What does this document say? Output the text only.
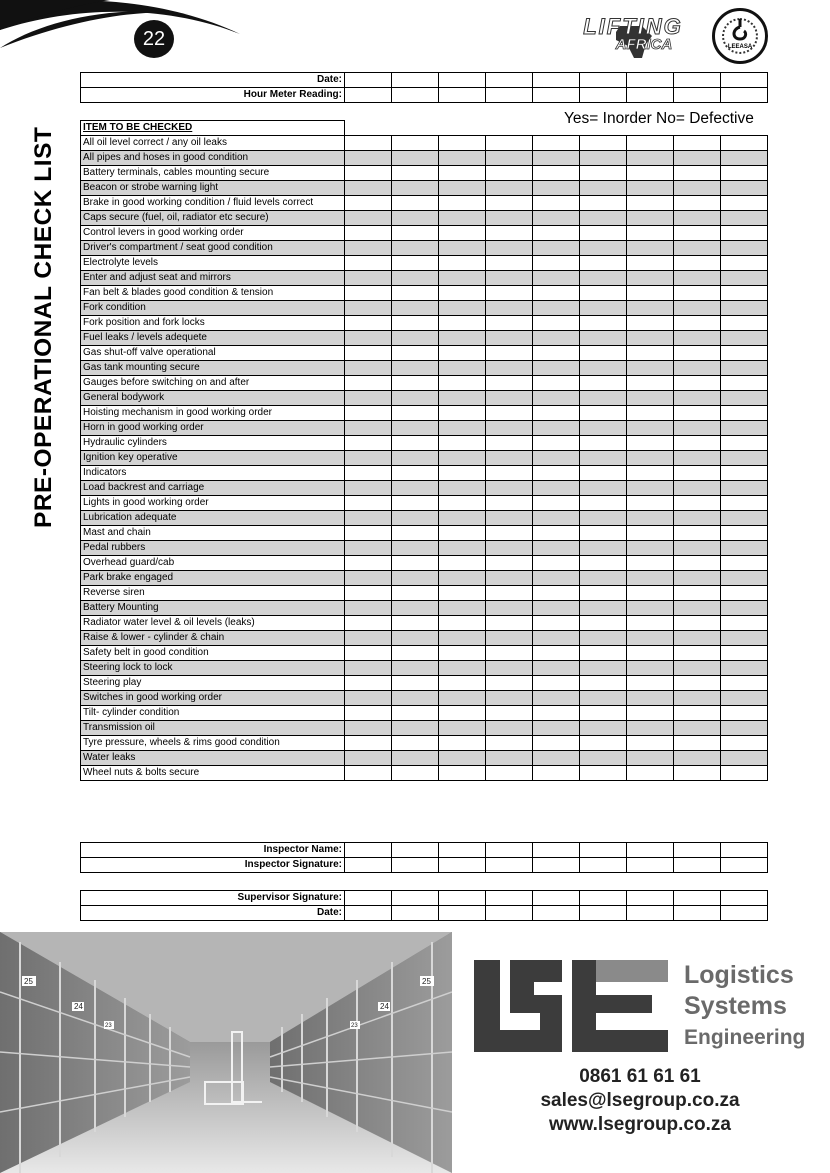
22	LIFTING
AFRICA	LEEASA
PRE-OPERATIONAL CHECK LIST
Date:									
Hour Meter Reading:									
Yes= Inorder No= Defective
ITEM TO BE CHECKED									
All oil level correct / any oil leaks									
All pipes and hoses in good condition									
Battery terminals, cables mounting secure									
Beacon or strobe warning light									
Brake in good working condition / fluid levels correct									
Caps secure (fuel, oil, radiator etc secure)									
Control levers in good working order									
Driver's compartment / seat good condition									
Electrolyte levels									
Enter and adjust seat and mirrors									
Fan belt & blades good condition & tension									
Fork condition									
Fork position and fork locks									
Fuel leaks / levels adequete									
Gas shut-off valve operational									
Gas tank mounting secure									
Gauges before switching on and after									
General bodywork									
Hoisting mechanism in good working order									
Horn in good working order									
Hydraulic cylinders									
Ignition key operative									
Indicators									
Load backrest and carriage									
Lights in good working order									
Lubrication adequate									
Mast and chain									
Pedal rubbers									
Overhead guard/cab									
Park brake engaged									
Reverse siren									
Battery Mounting									
Radiator water level & oil levels (leaks)									
Raise & lower - cylinder & chain									
Safety belt in good condition									
Steering lock to lock									
Steering play									
Switches in good working order									
Tilt- cylinder condition									
Transmission oil									
Tyre pressure, wheels & rims good condition									
Water leaks									
Wheel nuts & bolts secure									
Inspector Name:									
Inspector Signature:									
Supervisor Signature:									
Date:									
25
24
23
25
24
23
Logistics
Systems
Engineering
0861 61 61 61
sales@lsegroup.co.za
www.lsegroup.co.za
